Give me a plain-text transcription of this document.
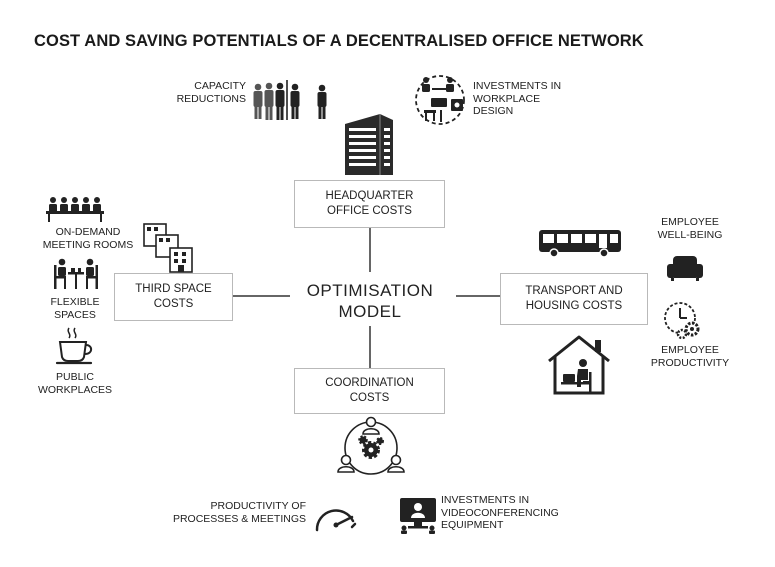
COST AND SAVING POTENTIALS OF A DECENTRALISED OFFICE NETWORK
OPTIMISATION
MODEL
HEADQUARTER
OFFICE COSTS
THIRD SPACE
COSTS
TRANSPORT AND
HOUSING COSTS
COORDINATION
COSTS
CAPACITY
REDUCTIONS
INVESTMENTS IN
WORKPLACE
DESIGN
ON-DEMAND
MEETING ROOMS
FLEXIBLE
SPACES
PUBLIC
WORKPLACES
EMPLOYEE
WELL-BEING
EMPLOYEE
PRODUCTIVITY
PRODUCTIVITY OF
PROCESSES & MEETINGS
INVESTMENTS IN
VIDEOCONFERENCING
EQUIPMENT
